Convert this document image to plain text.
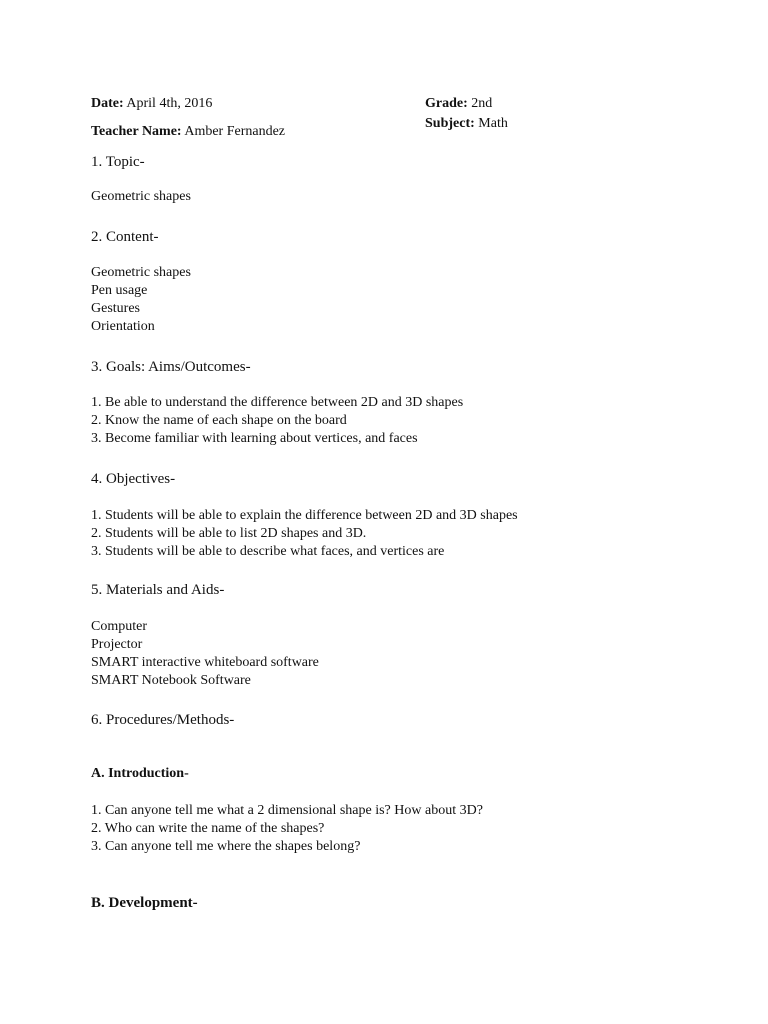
Date: April 4th, 2016
Teacher Name: Amber Fernandez
Grade: 2nd
Subject: Math
1. Topic-
Geometric shapes
2. Content-
Geometric shapes
Pen usage
Gestures
Orientation
3. Goals: Aims/Outcomes-
1. Be able to understand the difference between 2D and 3D shapes
2. Know the name of each shape on the board
3. Become familiar with learning about vertices, and faces
4. Objectives-
1. Students will be able to explain the difference between 2D and 3D shapes
2. Students will be able to list 2D shapes and 3D.
3. Students will be able to describe what faces, and vertices are
5. Materials and Aids-
Computer
Projector
SMART interactive whiteboard software
SMART Notebook Software
6. Procedures/Methods-
A. Introduction-
1. Can anyone tell me what a 2 dimensional shape is? How about 3D?
2. Who can write the name of the shapes?
3. Can anyone tell me where the shapes belong?
B. Development-
